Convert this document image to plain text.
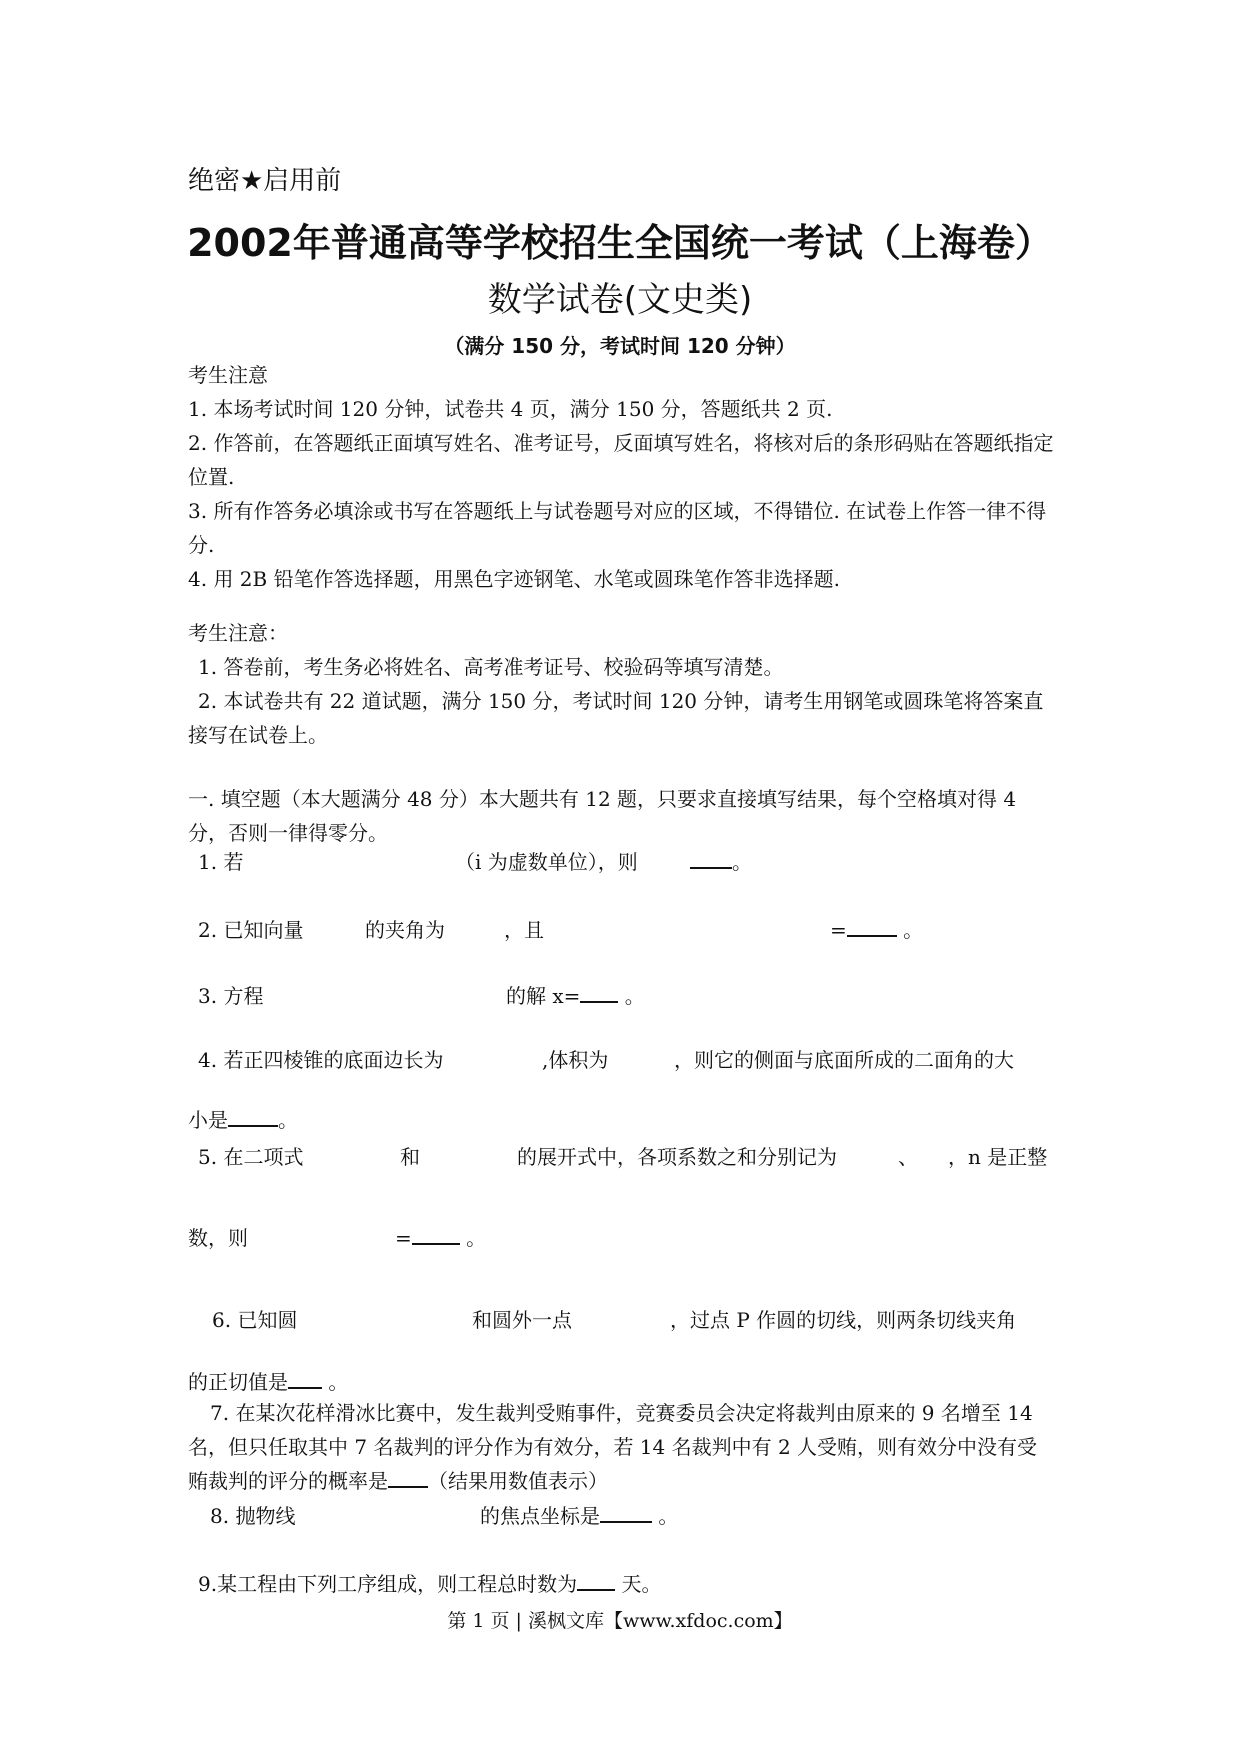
绝密★启用前
2002年普通高等学校招生全国统一考试（上海卷）
数学试卷(文史类)
（满分 150 分，考试时间 120 分钟）
考生注意
1. 本场考试时间 120 分钟，试卷共 4 页，满分 150 分，答题纸共 2 页.
2. 作答前，在答题纸正面填写姓名、准考证号，反面填写姓名，将核对后的条形码贴在答题纸指定位置.
3. 所有作答务必填涂或书写在答题纸上与试卷题号对应的区域，不得错位. 在试卷上作答一律不得分.
4. 用 2B 铅笔作答选择题，用黑色字迹钢笔、水笔或圆珠笔作答非选择题.
考生注意：
1. 答卷前，考生务必将姓名、高考准考证号、校验码等填写清楚。
2. 本试卷共有 22 道试题，满分 150 分，考试时间 120 分钟，请考生用钢笔或圆珠笔将答案直接写在试卷上。
一. 填空题（本大题满分 48 分）本大题共有 12 题，只要求直接填写结果，每个空格填对得 4 分，否则一律得零分。
1. 若	（i 为虚数单位），则	。
2. 已知向量	的夹角为	，且	=	。
3. 方程	的解 x= 。
4. 若正四棱锥的底面边长为	,体积为	，则它的侧面与底面所成的二面角的大
小是	。
5. 在二项式	和	的展开式中，各项系数之和分别记为	、 ，n 是正整
数，则	=	。
6. 已知圆	和圆外一点	，过点 P 作圆的切线，则两条切线夹角
的正切值是 。
7. 在某次花样滑冰比赛中，发生裁判受贿事件，竞赛委员会决定将裁判由原来的 9 名增至 14 名，但只任取其中 7 名裁判的评分作为有效分，若 14 名裁判中有 2 人受贿，则有效分中没有受贿裁判的评分的概率是 （结果用数值表示）
8. 抛物线	的焦点坐标是	。
9.某工程由下列工序组成，则工程总时数为 天。
第 1 页 | 溪枫文库【www.xfdoc.com】
